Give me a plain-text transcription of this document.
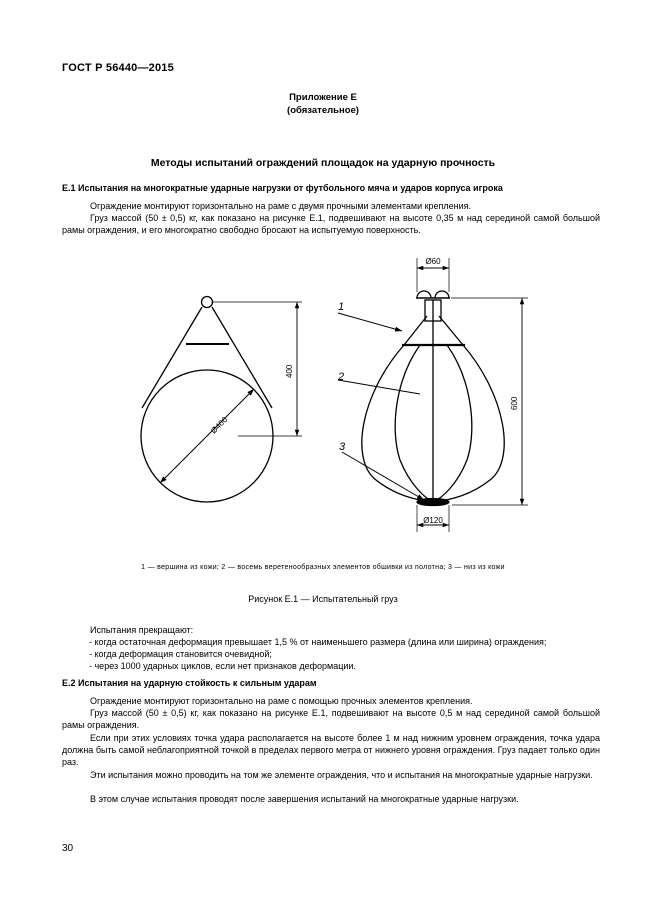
ГОСТ Р 56440—2015
Приложение Е
(обязательное)
Методы испытаний ограждений площадок на ударную прочность
Е.1 Испытания на многократные ударные нагрузки от футбольного мяча и ударов корпуса игрока
Ограждение монтируют горизонтально на раме с двумя прочными элементами крепления.
Груз массой (50 ± 0,5) кг, как показано на рисунке Е.1, подвешивают на высоте 0,35 м над серединой самой большой рамы ограждения, и его многократно свободно бросают на испытуемую поверхность.
Ø400
400
Ø60
Ø120
600
1
2
3
1 — вершина из кожи; 2 — восемь веретенообразных элементов обшивки из полотна; 3 — низ из кожи
Рисунок Е.1 — Испытательный груз
Испытания прекращают:
- когда остаточная деформация превышает 1,5 % от наименьшего размера (длина или ширина) ограждения;
- когда деформация становится очевидной;
- через 1000 ударных циклов, если нет признаков деформации.
Е.2 Испытания на ударную стойкость к сильным ударам
Ограждение монтируют горизонтально на раме с помощью прочных элементов крепления.
Груз массой (50 ± 0,5) кг, как показано на рисунке Е.1, подвешивают на высоте 0,5 м над серединой самой большой рамы ограждения.
Если при этих условиях точка удара располагается на высоте более 1 м над нижним уровнем ограждения, точка удара должна быть самой неблагоприятной точкой в пределах первого метра от нижнего уровня ограждения. Груз падает только один раз.
Эти испытания можно проводить на том же элементе ограждения, что и испытания на многократные ударные нагрузки.
В этом случае испытания проводят после завершения испытаний на многократные ударные нагрузки.
30
